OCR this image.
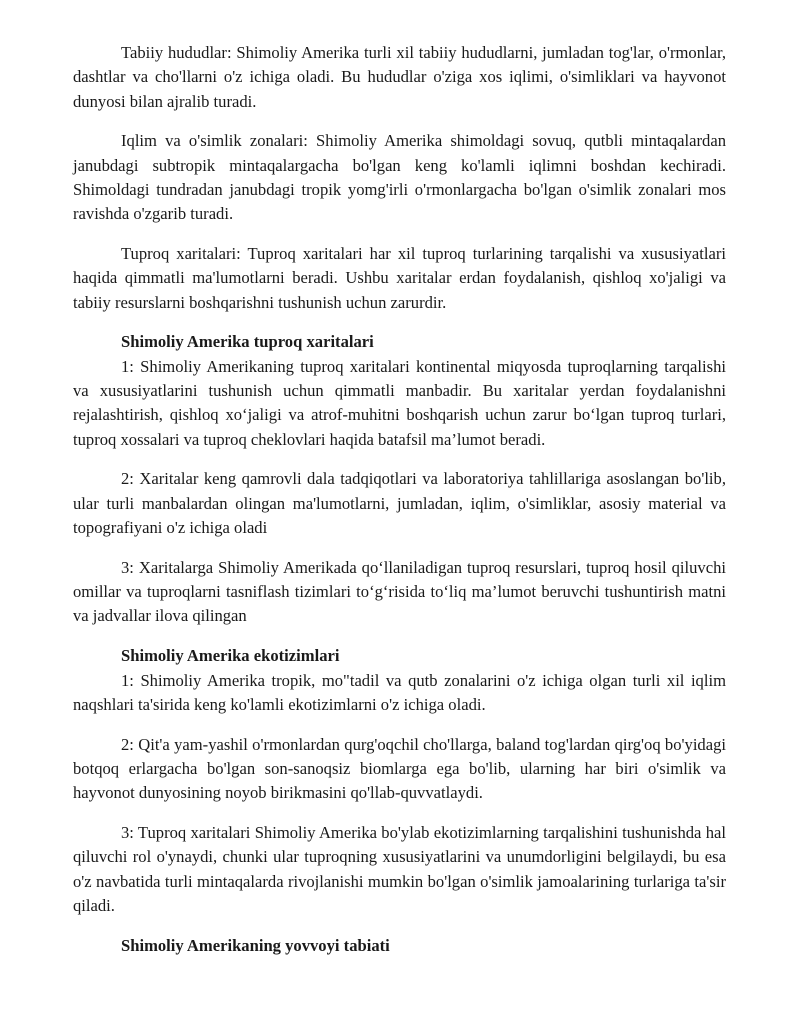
Tabiiy hududlar: Shimoliy Amerika turli xil tabiiy hududlarni, jumladan tog'lar, o'rmonlar, dashtlar va cho'llarni o'z ichiga oladi. Bu hududlar o'ziga xos iqlimi, o'simliklari va hayvonot dunyosi bilan ajralib turadi.

Iqlim va o'simlik zonalari: Shimoliy Amerika shimoldagi sovuq, qutbli mintaqalardan janubdagi subtropik mintaqalargacha bo'lgan keng ko'lamli iqlimni boshdan kechiradi. Shimoldagi tundradan janubdagi tropik yomg'irli o'rmonlargacha bo'lgan o'simlik zonalari mos ravishda o'zgarib turadi.

Tuproq xaritalari: Tuproq xaritalari har xil tuproq turlarining tarqalishi va xususiyatlari haqida qimmatli ma'lumotlarni beradi. Ushbu xaritalar erdan foydalanish, qishloq xo'jaligi va tabiiy resurslarni boshqarishni tushunish uchun zarurdir.

Shimoliy Amerika tuproq xaritalari

1: Shimoliy Amerikaning tuproq xaritalari kontinental miqyosda tuproqlarning tarqalishi va xususiyatlarini tushunish uchun qimmatli manbadir. Bu xaritalar yerdan foydalanishni rejalashtirish, qishloq xo‘jaligi va atrof-muhitni boshqarish uchun zarur bo‘lgan tuproq turlari, tuproq xossalari va tuproq cheklovlari haqida batafsil ma’lumot beradi.

2: Xaritalar keng qamrovli dala tadqiqotlari va laboratoriya tahlillariga asoslangan bo'lib, ular turli manbalardan olingan ma'lumotlarni, jumladan, iqlim, o'simliklar, asosiy material va topografiyani o'z ichiga oladi

3: Xaritalarga Shimoliy Amerikada qo‘llaniladigan tuproq resurslari, tuproq hosil qiluvchi omillar va tuproqlarni tasniflash tizimlari to‘g‘risida to‘liq ma’lumot beruvchi tushuntirish matni va jadvallar ilova qilingan

Shimoliy Amerika ekotizimlari

1: Shimoliy Amerika tropik, mo"tadil va qutb zonalarini o'z ichiga olgan turli xil iqlim naqshlari ta'sirida keng ko'lamli ekotizimlarni o'z ichiga oladi.

2: Qit'a yam-yashil o'rmonlardan qurg'oqchil cho'llarga, baland tog'lardan qirg'oq bo'yidagi botqoq erlargacha bo'lgan son-sanoqsiz biomlarga ega bo'lib, ularning har biri o'simlik va hayvonot dunyosining noyob birikmasini qo'llab-quvvatlaydi.

3: Tuproq xaritalari Shimoliy Amerika bo'ylab ekotizimlarning tarqalishini tushunishda hal qiluvchi rol o'ynaydi, chunki ular tuproqning xususiyatlarini va unumdorligini belgilaydi, bu esa o'z navbatida turli mintaqalarda rivojlanishi mumkin bo'lgan o'simlik jamoalarining turlariga ta'sir qiladi.

Shimoliy Amerikaning yovvoyi tabiati
